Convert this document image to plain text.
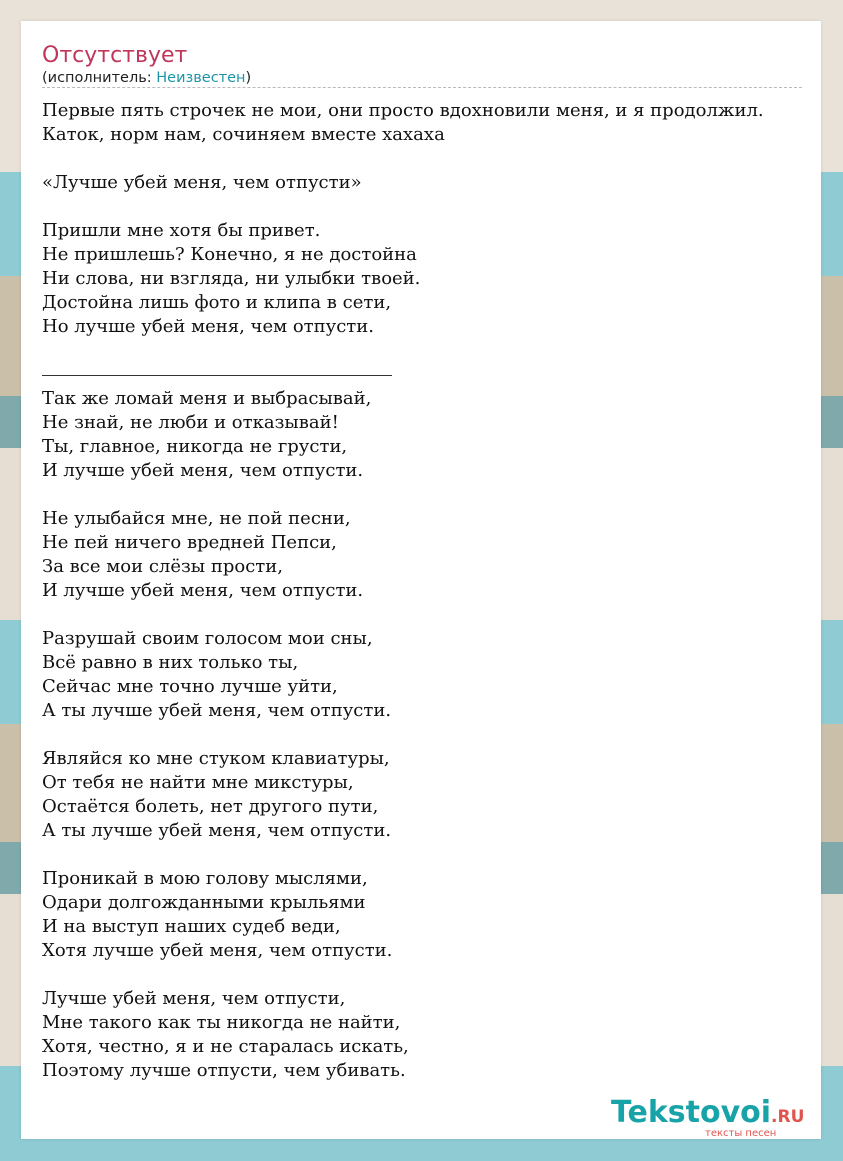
Отсутствует
(исполнитель: Неизвестен)
Первые пять строчек не мои, они просто вдохновили меня, и я продолжил.
Каток, норм нам, сочиняем вместе хахаха
«Лучше убей меня, чем отпусти»
Пришли мне хотя бы привет.
Не пришлешь? Конечно, я не достойна
Ни слова, ни взгляда, ни улыбки твоей.
Достойна лишь фото и клипа в сети,
Но лучше убей меня, чем отпусти.
Так же ломай меня и выбрасывай,
Не знай, не люби и отказывай!
Ты, главное, никогда не грусти,
И лучше убей меня, чем отпусти.
Не улыбайся мне, не пой песни,
Не пей ничего вредней Пепси,
За все мои слёзы прости,
И лучше убей меня, чем отпусти.
Разрушай своим голосом мои сны,
Всё равно в них только ты,
Сейчас мне точно лучше уйти,
А ты лучше убей меня, чем отпусти.
Являйся ко мне стуком клавиатуры,
От тебя не найти мне микстуры,
Остаётся болеть, нет другого пути,
А ты лучше убей меня, чем отпусти.
Проникай в мою голову мыслями,
Одари долгожданными крыльями
И на выступ наших судеб веди,
Хотя лучше убей меня, чем отпусти.
Лучше убей меня, чем отпусти,
Мне такого как ты никогда не найти,
Хотя, честно, я и не старалась искать,
Поэтому лучше отпусти, чем убивать.
Tekstovoi.RU
тексты песен
